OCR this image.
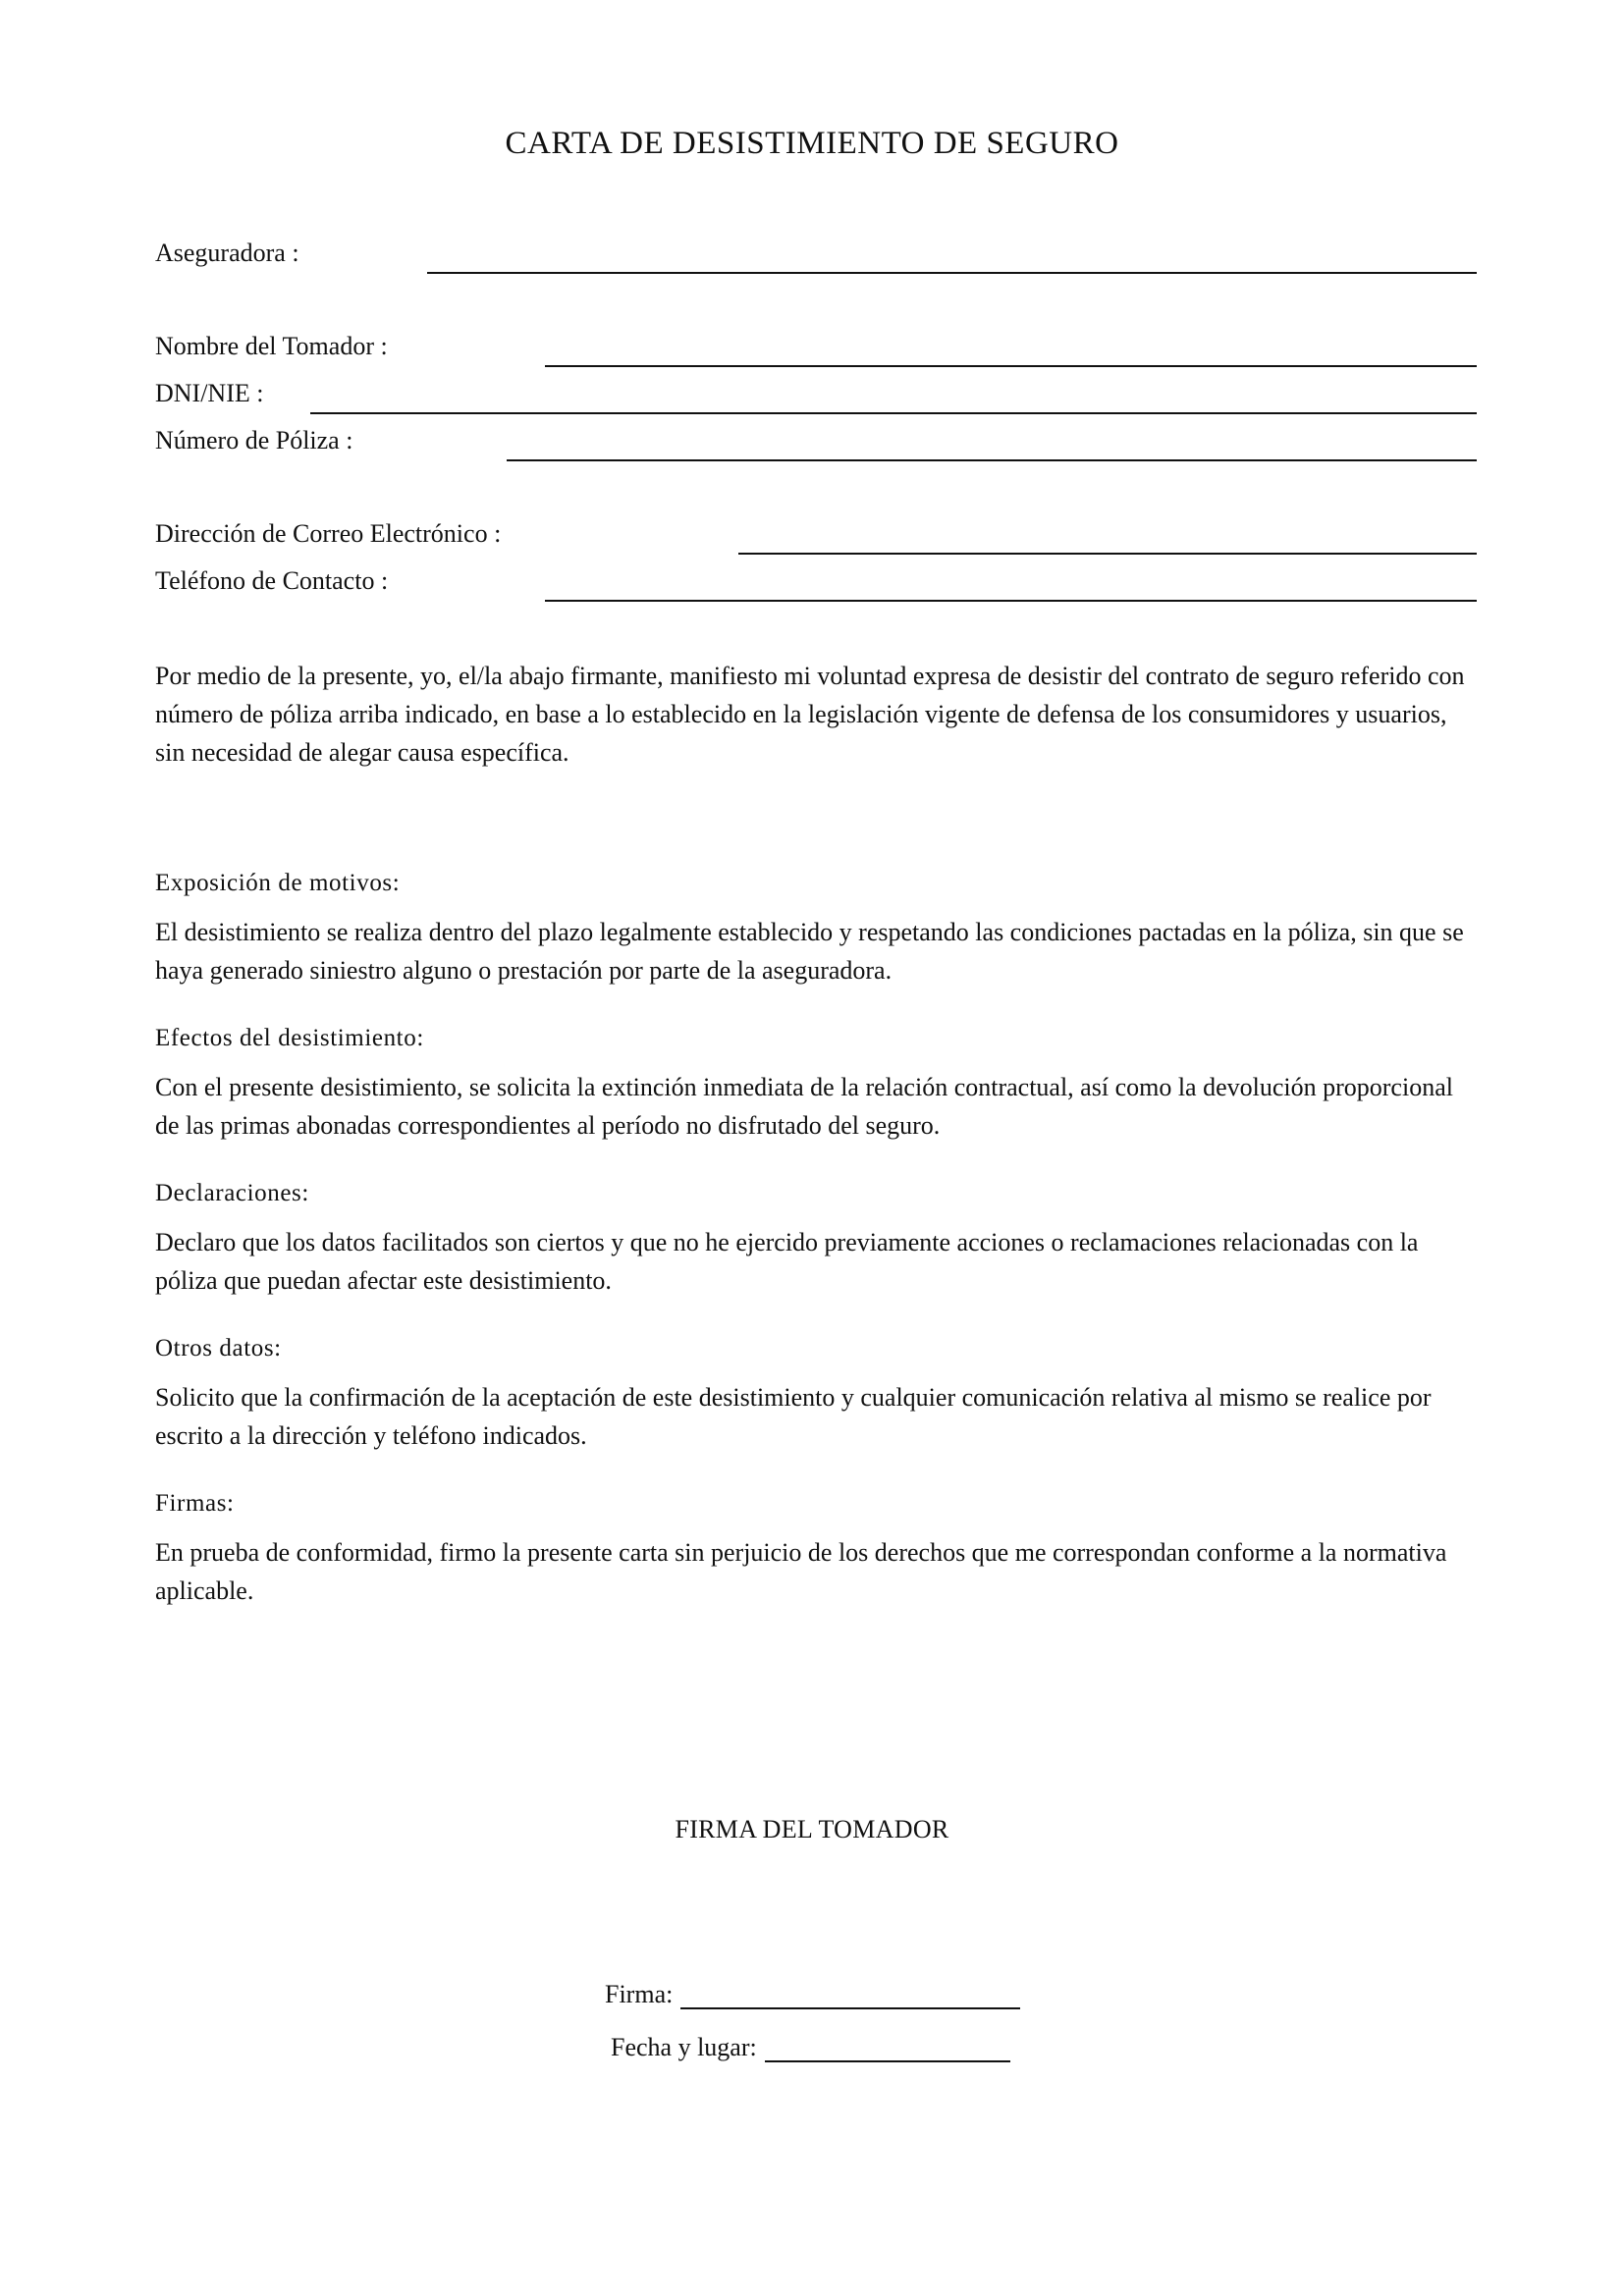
CARTA DE DESISTIMIENTO DE SEGURO
Aseguradora :
Nombre del Tomador :
DNI/NIE :
Número de Póliza :
Dirección de Correo Electrónico :
Teléfono de Contacto :
Por medio de la presente, yo, el/la abajo firmante, manifiesto mi voluntad expresa de desistir del contrato de seguro referido con número de póliza arriba indicado, en base a lo establecido en la legislación vigente de defensa de los consumidores y usuarios, sin necesidad de alegar causa específica.
Exposición de motivos:
El desistimiento se realiza dentro del plazo legalmente establecido y respetando las condiciones pactadas en la póliza, sin que se haya generado siniestro alguno o prestación por parte de la aseguradora.
Efectos del desistimiento:
Con el presente desistimiento, se solicita la extinción inmediata de la relación contractual, así como la devolución proporcional de las primas abonadas correspondientes al período no disfrutado del seguro.
Declaraciones:
Declaro que los datos facilitados son ciertos y que no he ejercido previamente acciones o reclamaciones relacionadas con la póliza que puedan afectar este desistimiento.
Otros datos:
Solicito que la confirmación de la aceptación de este desistimiento y cualquier comunicación relativa al mismo se realice por escrito a la dirección y teléfono indicados.
Firmas:
En prueba de conformidad, firmo la presente carta sin perjuicio de los derechos que me correspondan conforme a la normativa aplicable.
FIRMA DEL TOMADOR
Firma:
Fecha y lugar:
